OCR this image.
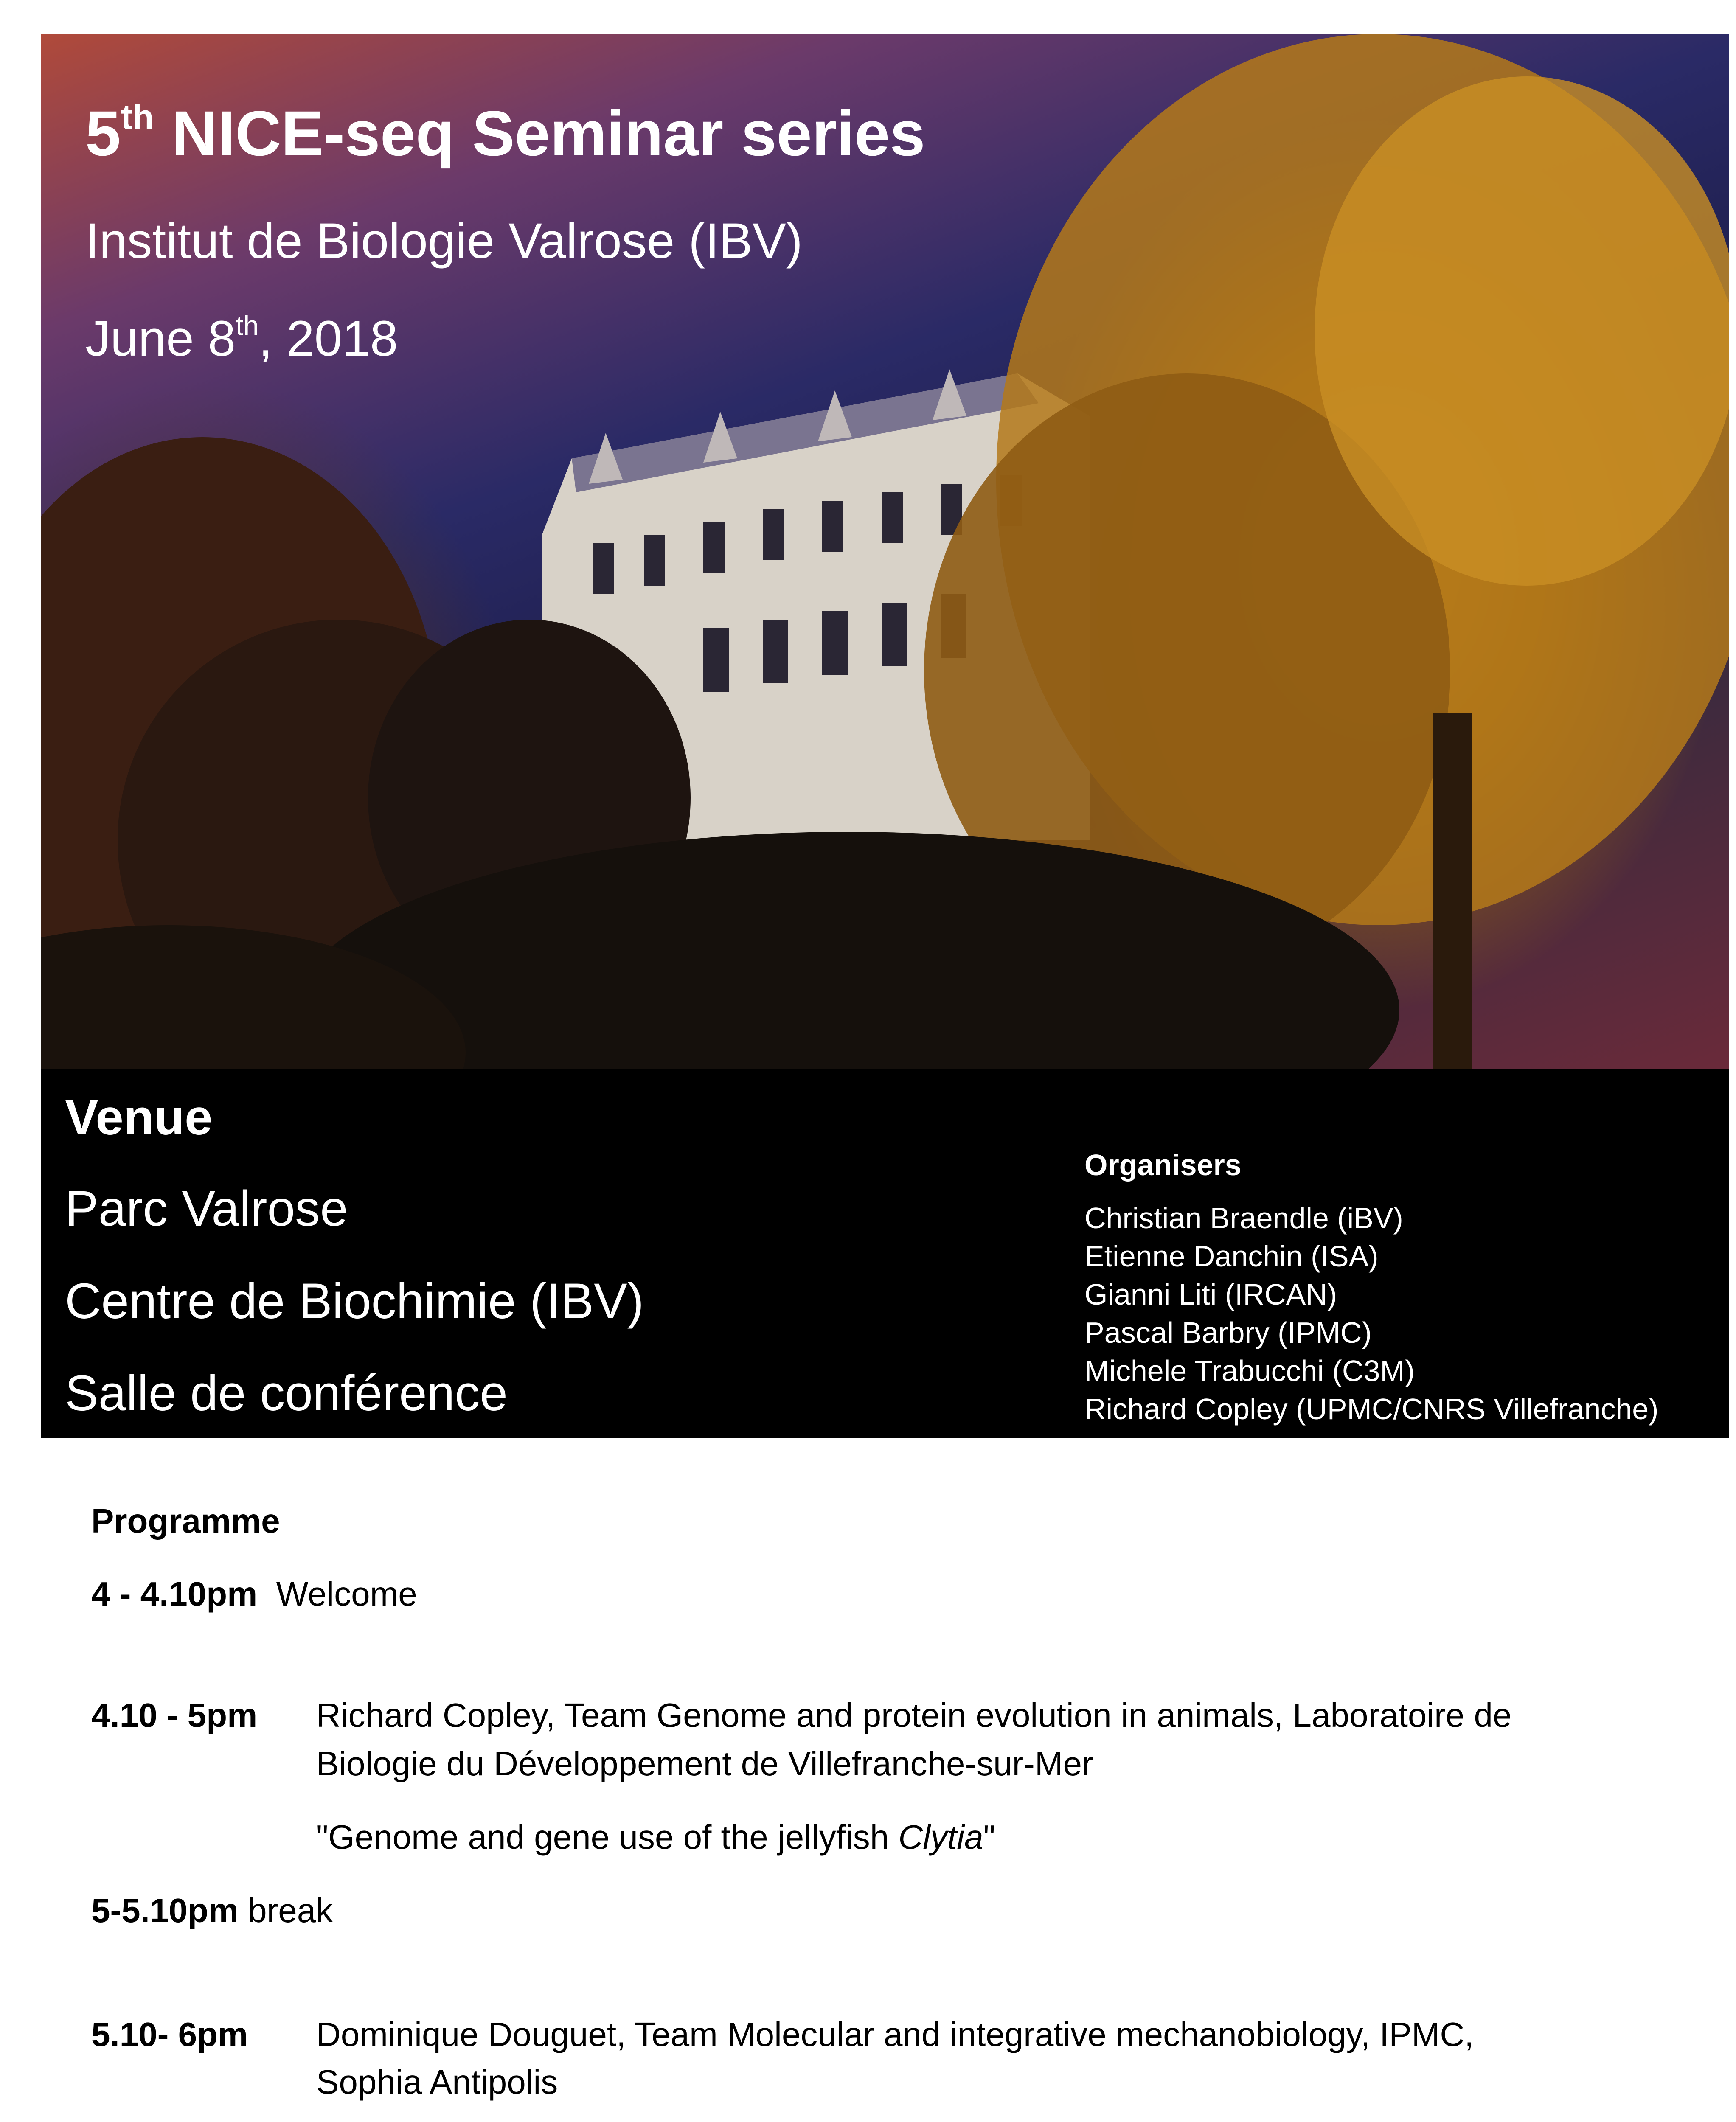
5th NICE-seq Seminar series
Institut de Biologie Valrose (IBV)
June 8th, 2018
Venue
Parc Valrose
Centre de Biochimie (IBV)
Salle de conférence
Organisers
Christian Braendle (iBV)
Etienne Danchin (ISA)
Gianni Liti (IRCAN)
Pascal Barbry (IPMC)
Michele Trabucchi (C3M)
Richard Copley (UPMC/CNRS Villefranche)
Programme
4 - 4.10pm Welcome
4.10 - 5pm Richard Copley, Team Genome and protein evolution in animals, Laboratoire de
Biologie du Développement de Villefranche-sur-Mer
"Genome and gene use of the jellyfish Clytia"
5-5.10pm break
5.10- 6pm Dominique Douguet, Team Molecular and integrative mechanobiology, IPMC,
Sophia Antipolis
